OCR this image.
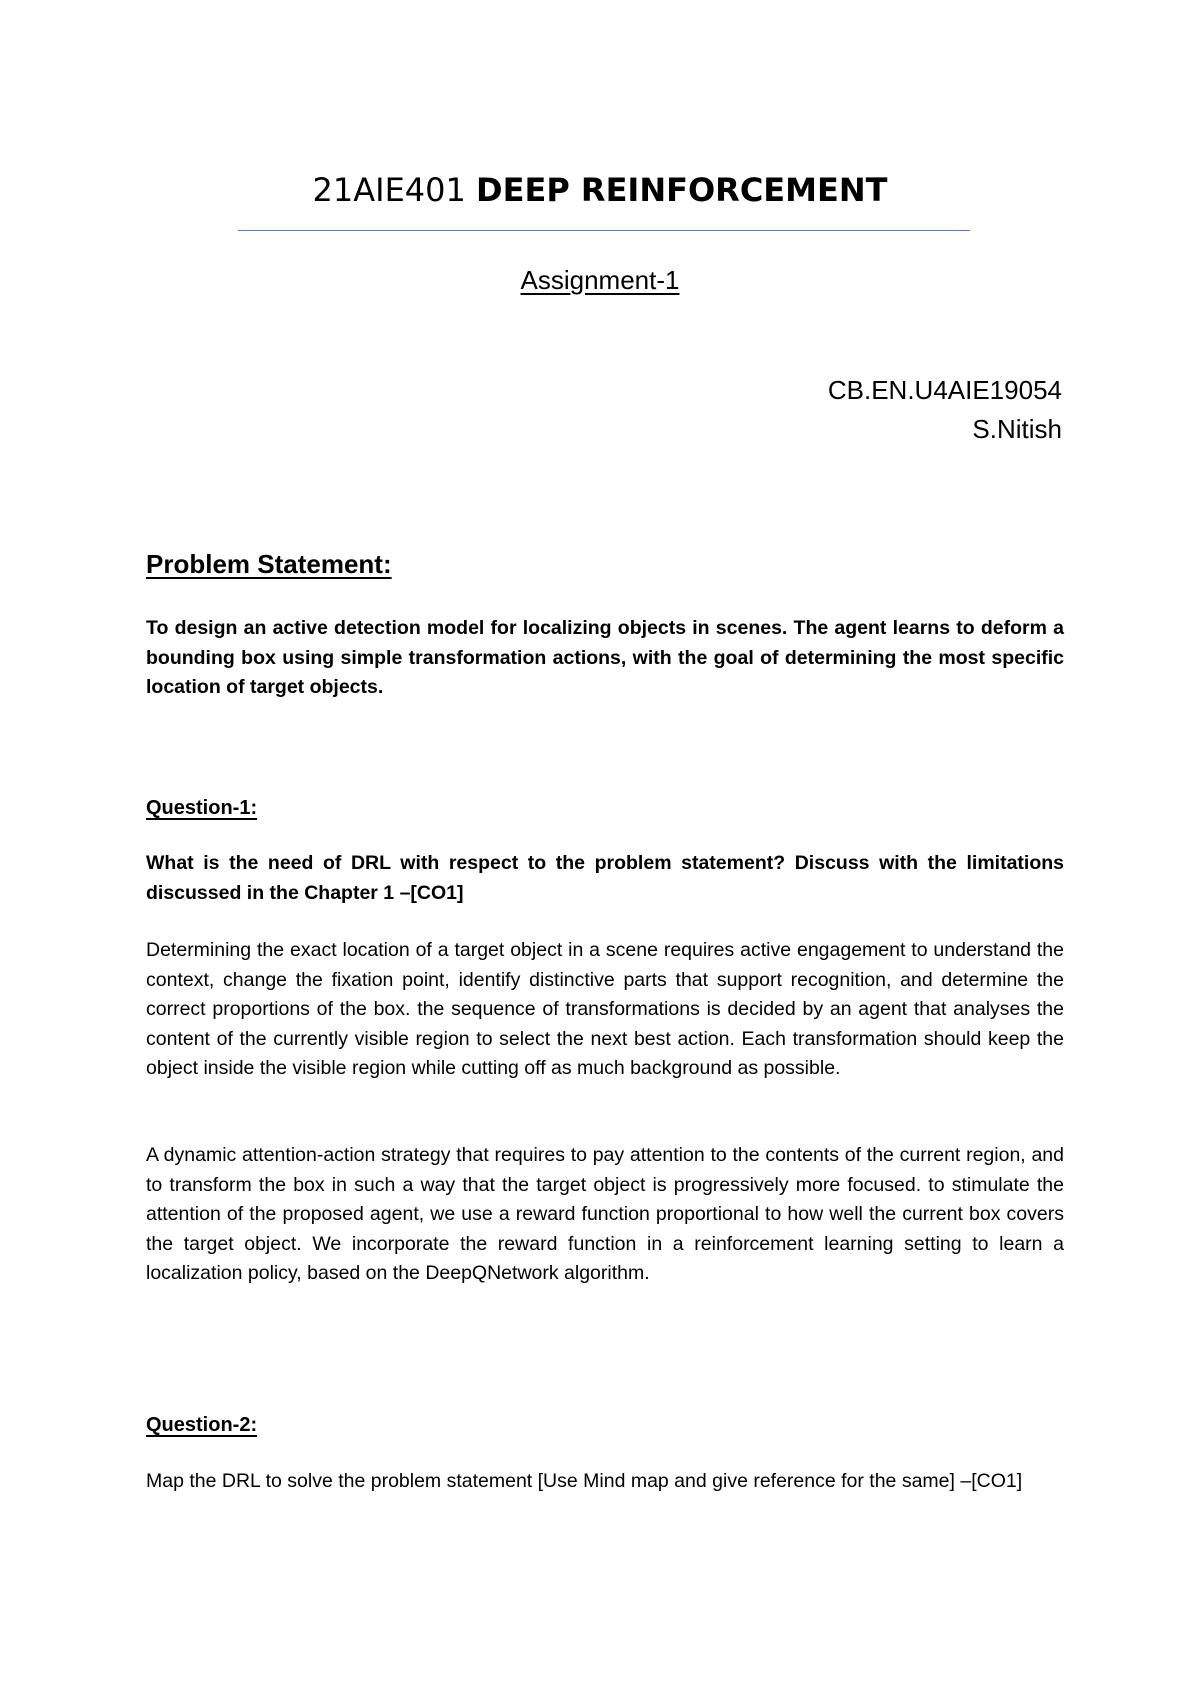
21AIE401 DEEP REINFORCEMENT
Assignment-1
CB.EN.U4AIE19054
S.Nitish
Problem Statement:

To design an active detection model for localizing objects in scenes. The agent learns to deform a bounding box using simple transformation actions, with the goal of determining the most specific location of target objects.

Question-1:

What is the need of DRL with respect to the problem statement? Discuss with the limitations discussed in the Chapter 1 –[CO1]

Determining the exact location of a target object in a scene requires active engagement to understand the context, change the fixation point, identify distinctive parts that support recognition, and determine the correct proportions of the box. the sequence of transformations is decided by an agent that analyses the content of the currently visible region to select the next best action. Each transformation should keep the object inside the visible region while cutting off as much background as possible.

A dynamic attention-action strategy that requires to pay attention to the contents of the current region, and to transform the box in such a way that the target object is progressively more focused. to stimulate the attention of the proposed agent, we use a reward function proportional to how well the current box covers the target object. We incorporate the reward function in a reinforcement learning setting to learn a localization policy, based on the DeepQNetwork algorithm.

Question-2:

Map the DRL to solve the problem statement [Use Mind map and give reference for the same] –[CO1]
